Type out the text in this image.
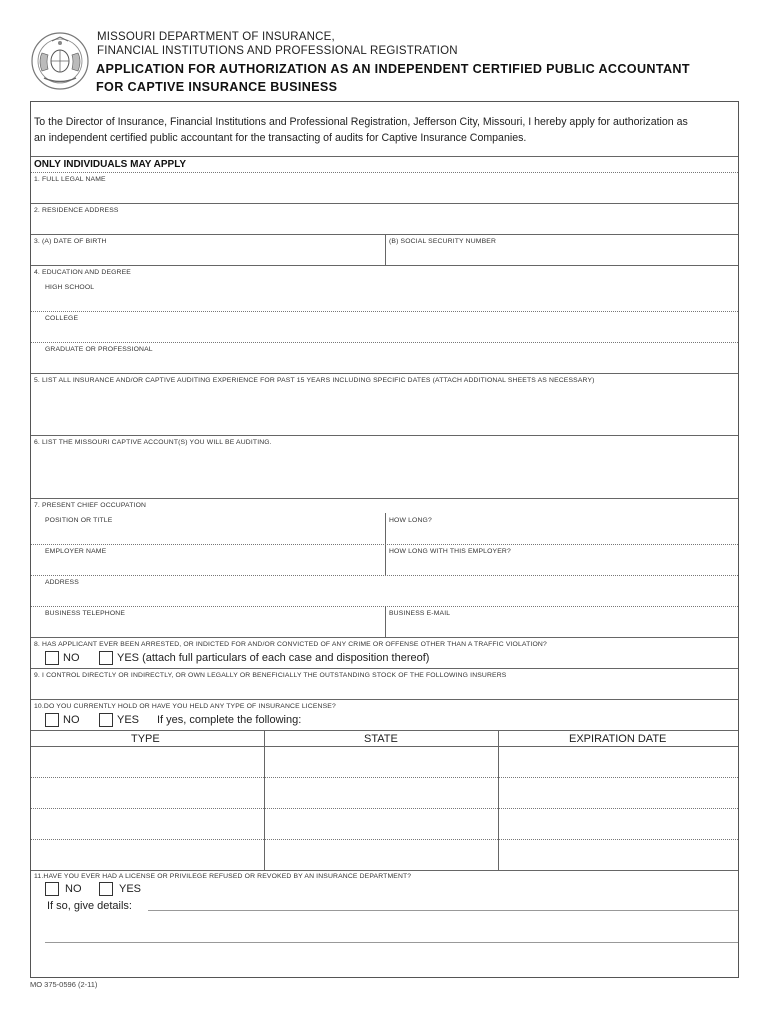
MISSOURI DEPARTMENT OF INSURANCE,
FINANCIAL INSTITUTIONS AND PROFESSIONAL REGISTRATION
APPLICATION FOR AUTHORIZATION AS AN INDEPENDENT CERTIFIED PUBLIC ACCOUNTANT
FOR CAPTIVE INSURANCE BUSINESS
To the Director of Insurance, Financial Institutions and Professional Registration, Jefferson City, Missouri, I hereby apply for authorization as
an independent certified public accountant for the transacting of audits for Captive Insurance Companies.
ONLY INDIVIDUALS MAY APPLY
1. FULL LEGAL NAME
2. RESIDENCE ADDRESS
3. (A) DATE OF BIRTH	(B) SOCIAL SECURITY NUMBER
4. EDUCATION AND DEGREE
HIGH SCHOOL
COLLEGE
GRADUATE OR PROFESSIONAL
5. LIST ALL INSURANCE AND/OR CAPTIVE AUDITING EXPERIENCE FOR PAST 15 YEARS INCLUDING SPECIFIC DATES (ATTACH ADDITIONAL SHEETS AS NECESSARY)
6. LIST THE MISSOURI CAPTIVE ACCOUNT(S) YOU WILL BE AUDITING.
7. PRESENT CHIEF OCCUPATION
POSITION OR TITLE	HOW LONG?
EMPLOYER NAME	HOW LONG WITH THIS EMPLOYER?
ADDRESS
BUSINESS TELEPHONE	BUSINESS E-MAIL
8. HAS APPLICANT EVER BEEN ARRESTED, OR INDICTED FOR AND/OR CONVICTED OF ANY CRIME OR OFFENSE OTHER THAN A TRAFFIC VIOLATION?
NO	YES (attach full particulars of each case and disposition thereof)
9. I CONTROL DIRECTLY OR INDIRECTLY, OR OWN LEGALLY OR BENEFICIALLY THE OUTSTANDING STOCK OF THE FOLLOWING INSURERS
10.DO YOU CURRENTLY HOLD OR HAVE YOU HELD ANY TYPE OF INSURANCE LICENSE?
NO	YES If yes, complete the following:
TYPE	STATE	EXPIRATION DATE
11.HAVE YOU EVER HAD A LICENSE OR PRIVILEGE REFUSED OR REVOKED BY AN INSURANCE DEPARTMENT?
NO	YES
If so, give details:
MO 375-0596 (2-11)
